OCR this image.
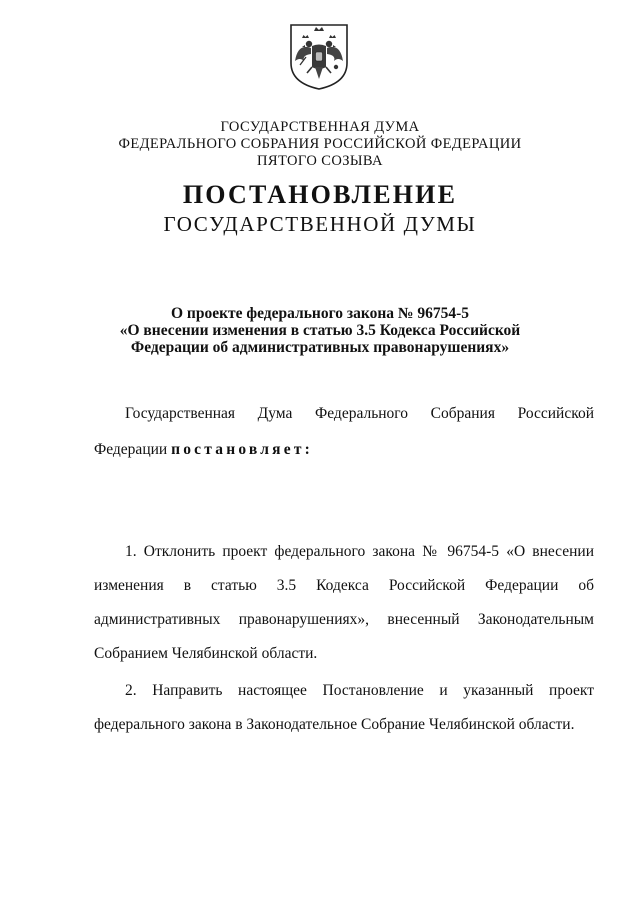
ГОСУДАРСТВЕННАЯ ДУМА
ФЕДЕРАЛЬНОГО СОБРАНИЯ РОССИЙСКОЙ ФЕДЕРАЦИИ
ПЯТОГО СОЗЫВА
ПОСТАНОВЛЕНИЕ
ГОСУДАРСТВЕННОЙ ДУМЫ
О проекте федерального закона № 96754-5
«О внесении изменения в статью 3.5 Кодекса Российской
Федерации об административных правонарушениях»
Государственная Дума Федерального Собрания Российской
Федерации постановляет:
1. Отклонить проект федерального закона № 96754-5 «О внесении
изменения в статью 3.5 Кодекса Российской Федерации об
административных правонарушениях», внесенный Законодательным
Собранием Челябинской области.
2. Направить настоящее Постановление и указанный проект
федерального закона в Законодательное Собрание Челябинской области.
